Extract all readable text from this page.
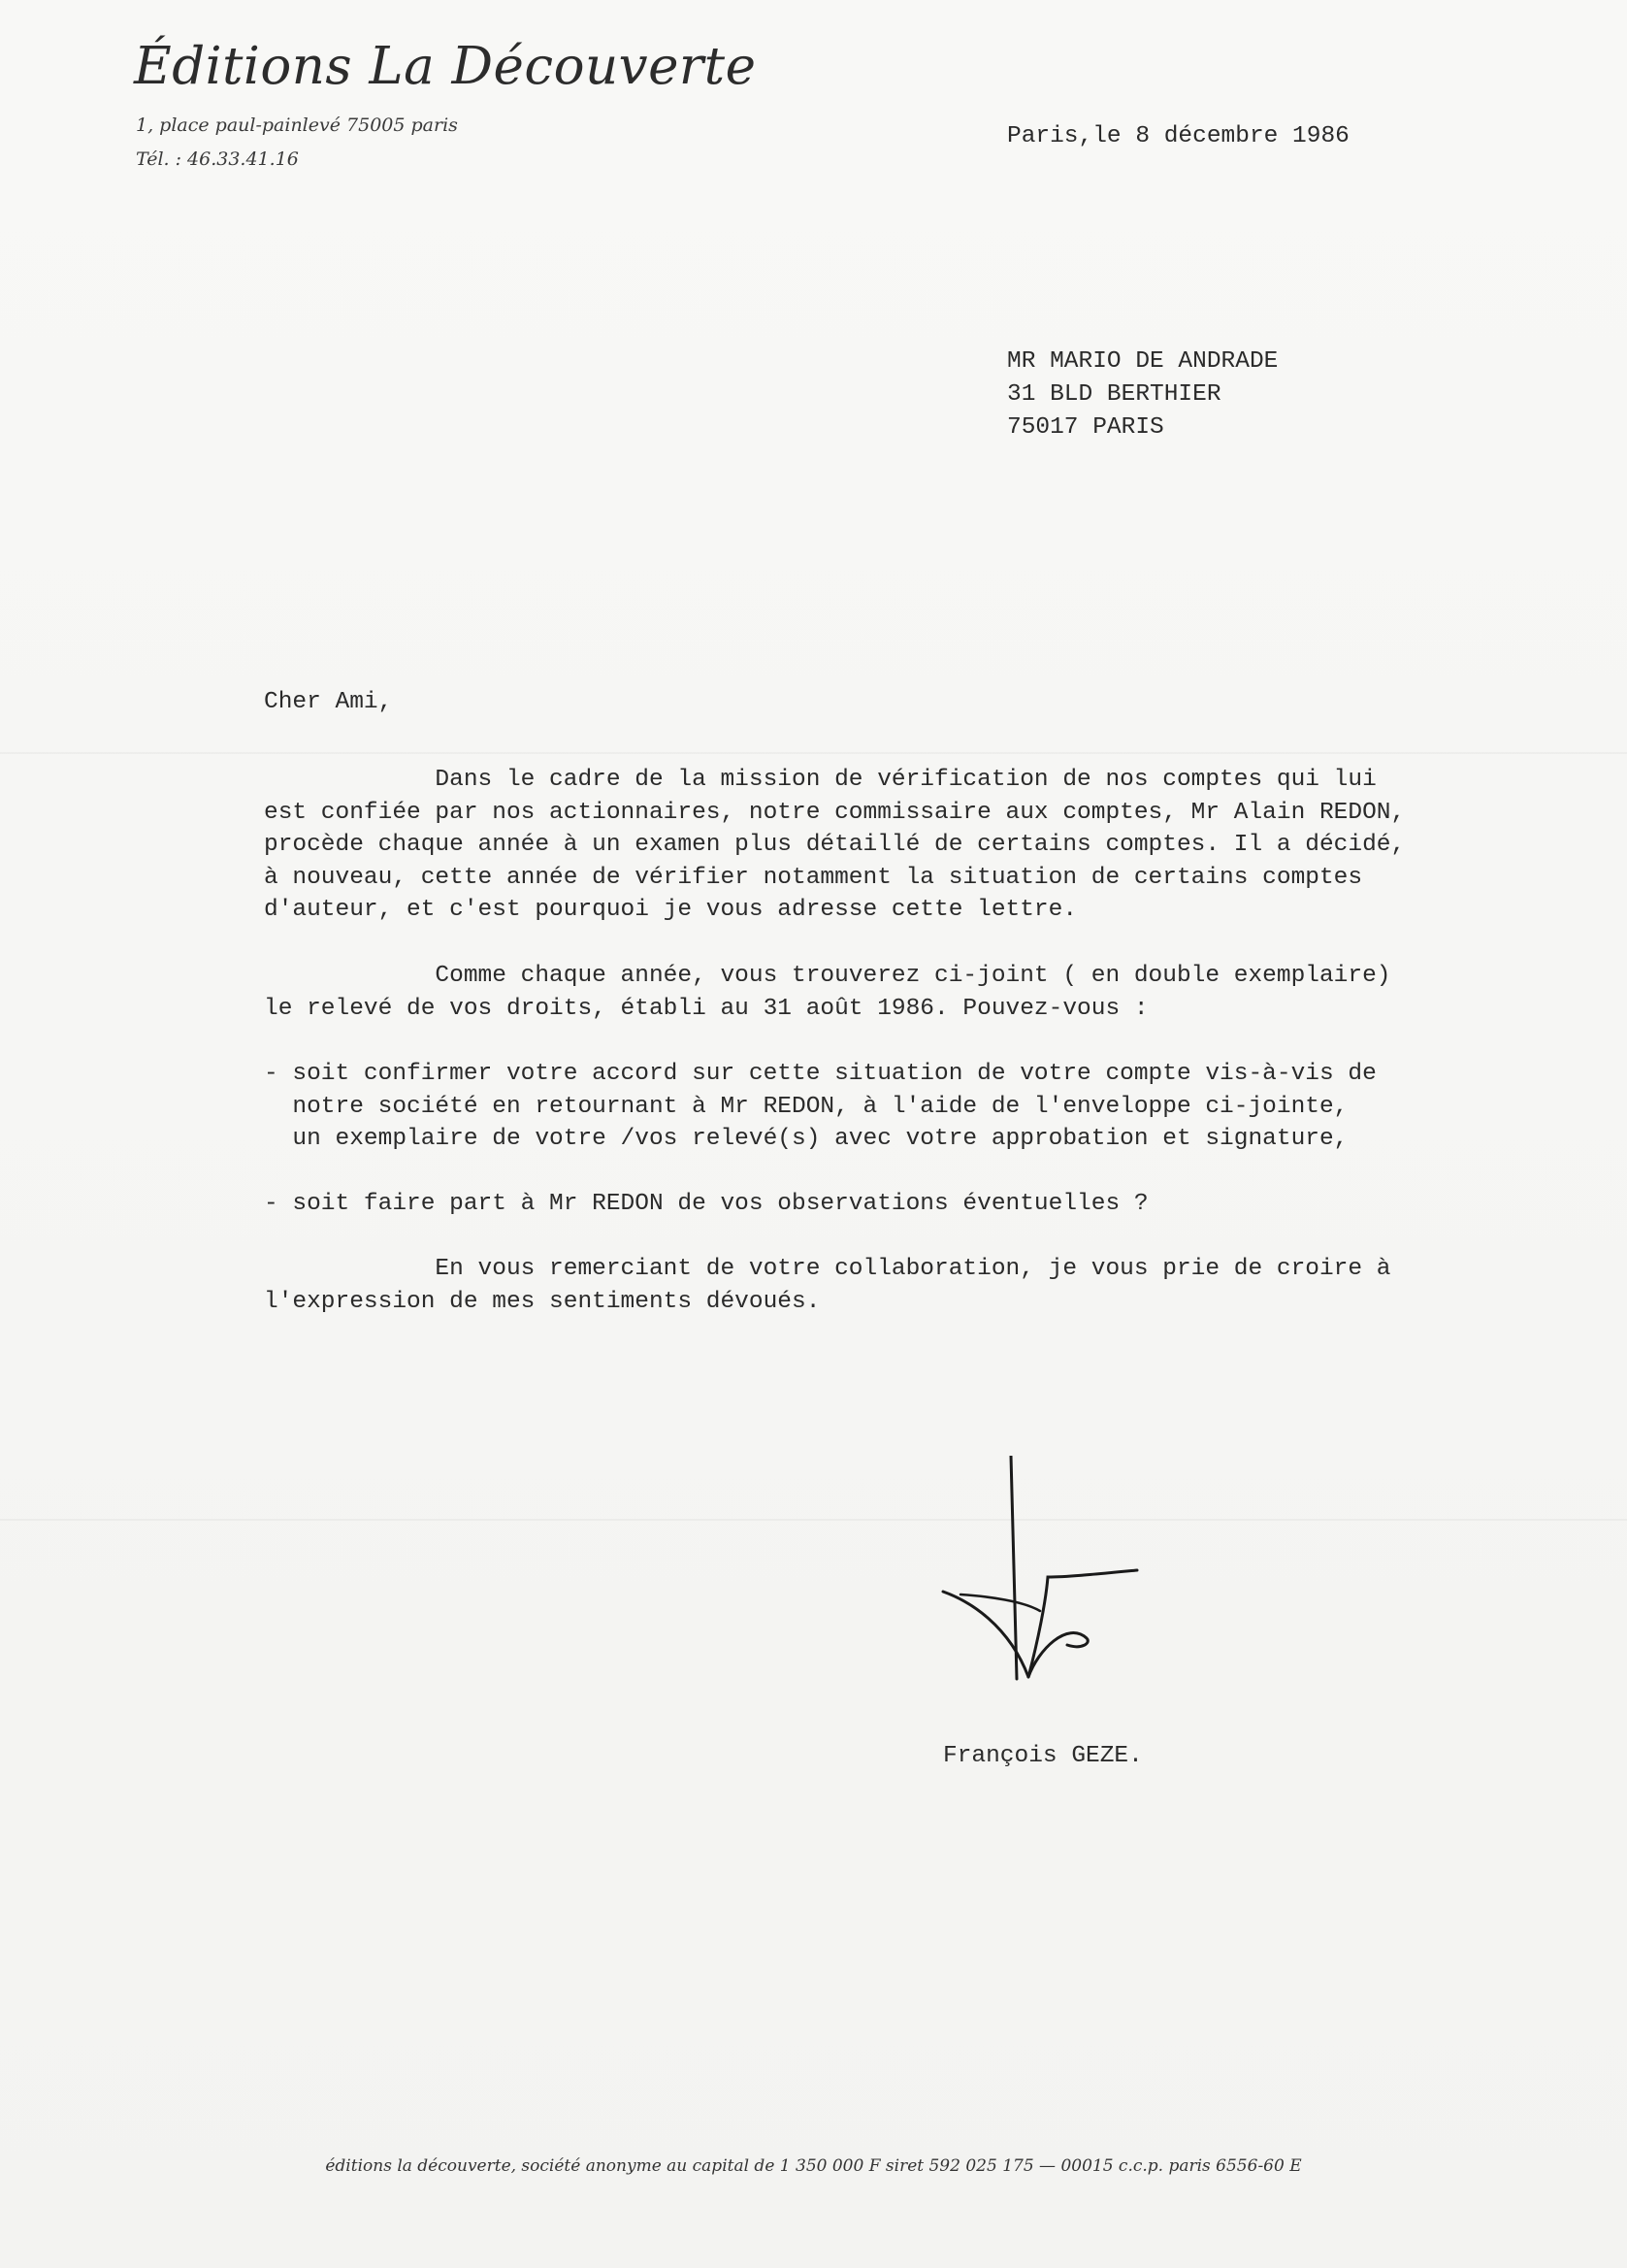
Éditions La Découverte
1, place paul-painlevé 75005 paris
Tél. : 46.33.41.16
Paris,le 8 décembre 1986
MR MARIO DE ANDRADE
31 BLD BERTHIER
75017 PARIS
Cher Ami,
Dans le cadre de la mission de vérification de nos comptes qui lui
est confiée par nos actionnaires, notre commissaire aux comptes, Mr Alain REDON,
procède chaque année à un examen plus détaillé de certains comptes. Il a décidé,
à nouveau, cette année de vérifier notamment la situation de certains comptes
d'auteur, et c'est pourquoi je vous adresse cette lettre.
Comme chaque année, vous trouverez ci-joint ( en double exemplaire)
le relevé de vos droits, établi au 31 août 1986. Pouvez-vous :
- soit confirmer votre accord sur cette situation de votre compte vis-à-vis de
notre société en retournant à Mr REDON, à l'aide de l'enveloppe ci-jointe,
un exemplaire de votre /vos relevé(s) avec votre approbation et signature,
- soit faire part à Mr REDON de vos observations éventuelles ?
En vous remerciant de votre collaboration, je vous prie de croire à
l'expression de mes sentiments dévoués.
François GEZE.
éditions la découverte, société anonyme au capital de 1 350 000 F siret 592 025 175 — 00015 c.c.p. paris 6556-60 E
